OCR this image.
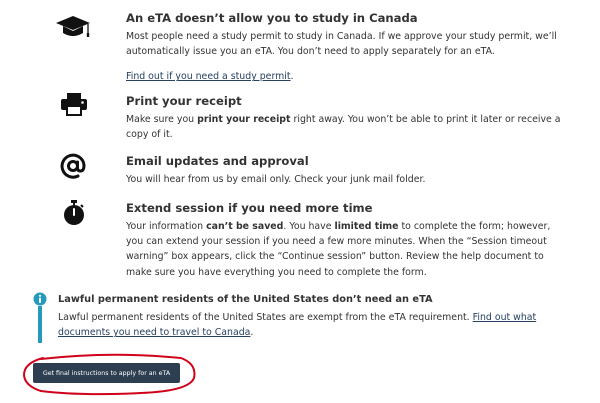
An eTA doesn’t allow you to study in Canada

Most people need a study permit to study in Canada. If we approve your study permit, we’ll automatically issue you an eTA. You don’t need to apply separately for an eTA.

Find out if you need a study permit.

Print your receipt

Make sure you print your receipt right away. You won’t be able to print it later or receive a copy of it.

Email updates and approval

You will hear from us by email only. Check your junk mail folder.

Extend session if you need more time

Your information can’t be saved. You have limited time to complete the form; however, you can extend your session if you need a few more minutes. When the “Session timeout warning” box appears, click the “Continue session” button. Review the help document to make sure you have everything you need to complete the form.

Lawful permanent residents of the United States don’t need an eTA

Lawful permanent residents of the United States are exempt from the eTA requirement. Find out what documents you need to travel to Canada.

Get final instructions to apply for an eTA
